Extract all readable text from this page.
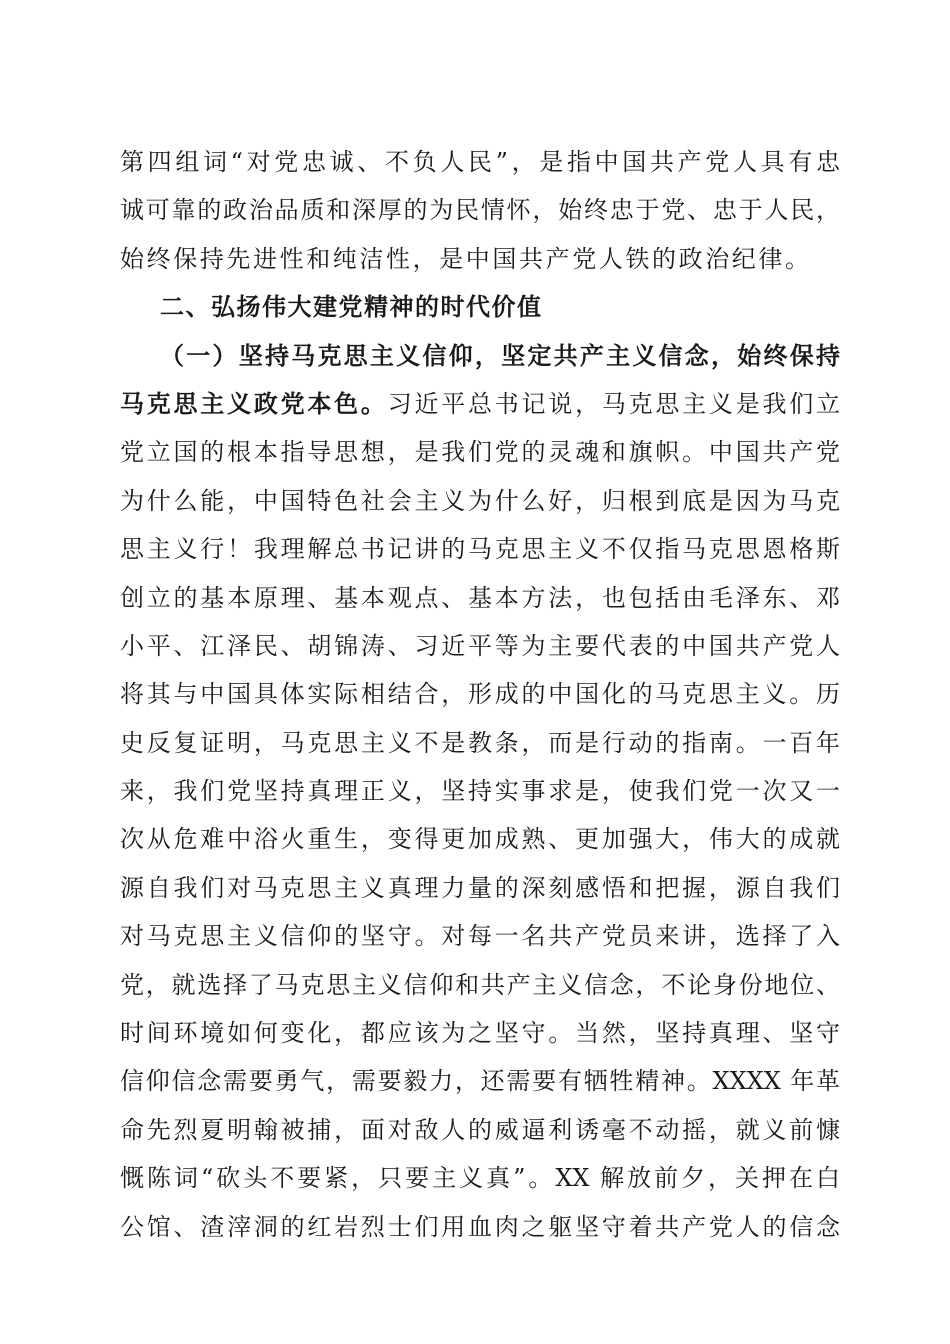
第四组词“对党忠诚、不负人民”，是指中国共产党人具有忠
诚可靠的政治品质和深厚的为民情怀，始终忠于党、忠于人民，
始终保持先进性和纯洁性，是中国共产党人铁的政治纪律。
二、弘扬伟大建党精神的时代价值
（一）坚持马克思主义信仰，坚定共产主义信念，始终保持
马克思主义政党本色。习近平总书记说，马克思主义是我们立
党立国的根本指导思想，是我们党的灵魂和旗帜。中国共产党
为什么能，中国特色社会主义为什么好，归根到底是因为马克
思主义行！我理解总书记讲的马克思主义不仅指马克思恩格斯
创立的基本原理、基本观点、基本方法，也包括由毛泽东、邓
小平、江泽民、胡锦涛、习近平等为主要代表的中国共产党人
将其与中国具体实际相结合，形成的中国化的马克思主义。历
史反复证明，马克思主义不是教条，而是行动的指南。一百年
来，我们党坚持真理正义，坚持实事求是，使我们党一次又一
次从危难中浴火重生，变得更加成熟、更加强大，伟大的成就
源自我们对马克思主义真理力量的深刻感悟和把握，源自我们
对马克思主义信仰的坚守。对每一名共产党员来讲，选择了入
党，就选择了马克思主义信仰和共产主义信念，不论身份地位、
时间环境如何变化，都应该为之坚守。当然，坚持真理、坚守
信仰信念需要勇气，需要毅力，还需要有牺牲精神。XXXX 年革
命先烈夏明翰被捕，面对敌人的威逼利诱毫不动摇，就义前慷
慨陈词“砍头不要紧，只要主义真”。XX 解放前夕，关押在白
公馆、渣滓洞的红岩烈士们用血肉之躯坚守着共产党人的信念
